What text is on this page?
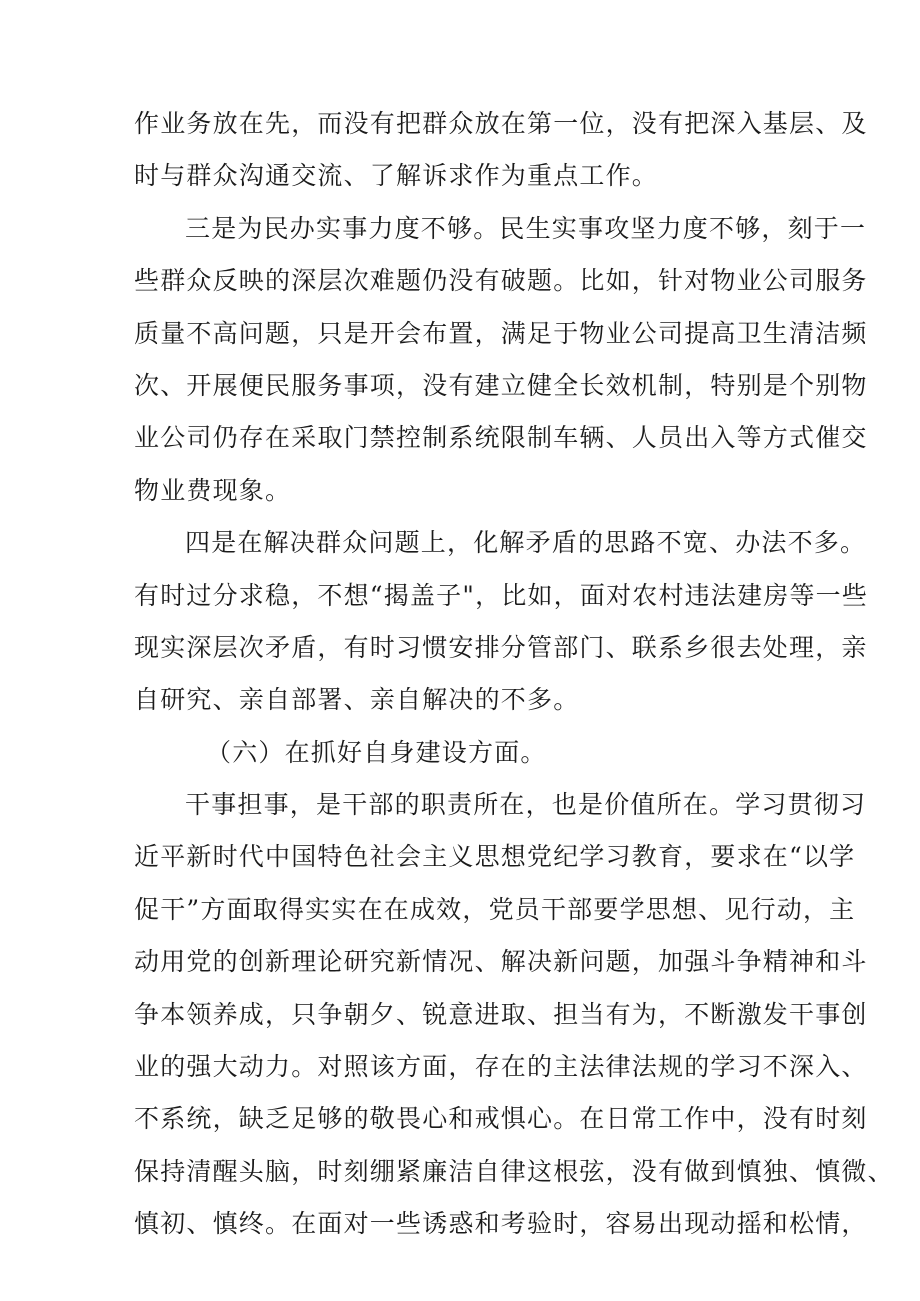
作业务放在先，而没有把群众放在第一位，没有把深入基层、及
时与群众沟通交流、了解诉求作为重点工作。
三是为民办实事力度不够。民生实事攻坚力度不够，刻于一
些群众反映的深层次难题仍没有破题。比如，针对物业公司服务
质量不高问题，只是开会布置，满足于物业公司提高卫生清洁频
次、开展便民服务事项，没有建立健全长效机制，特别是个别物
业公司仍存在采取门禁控制系统限制车辆、人员出入等方式催交
物业费现象。
四是在解决群众问题上，化解矛盾的思路不宽、办法不多。
有时过分求稳，不想“揭盖子"，比如，面对农村违法建房等一些
现实深层次矛盾，有时习惯安排分管部门、联系乡很去处理，亲
自研究、亲自部署、亲自解决的不多。
（六）在抓好自身建设方面。
干事担事，是干部的职责所在，也是价值所在。学习贯彻习
近平新时代中国特色社会主义思想党纪学习教育，要求在“以学
促干”方面取得实实在在成效，党员干部要学思想、见行动，主
动用党的创新理论研究新情况、解决新问题，加强斗争精神和斗
争本领养成，只争朝夕、锐意进取、担当有为，不断激发干事创
业的强大动力。对照该方面，存在的主法律法规的学习不深入、
不系统，缺乏足够的敬畏心和戒惧心。在日常工作中，没有时刻
保持清醒头脑，时刻绷紧廉洁自律这根弦，没有做到慎独、慎微、
慎初、慎终。在面对一些诱惑和考验时，容易出现动摇和松情，
